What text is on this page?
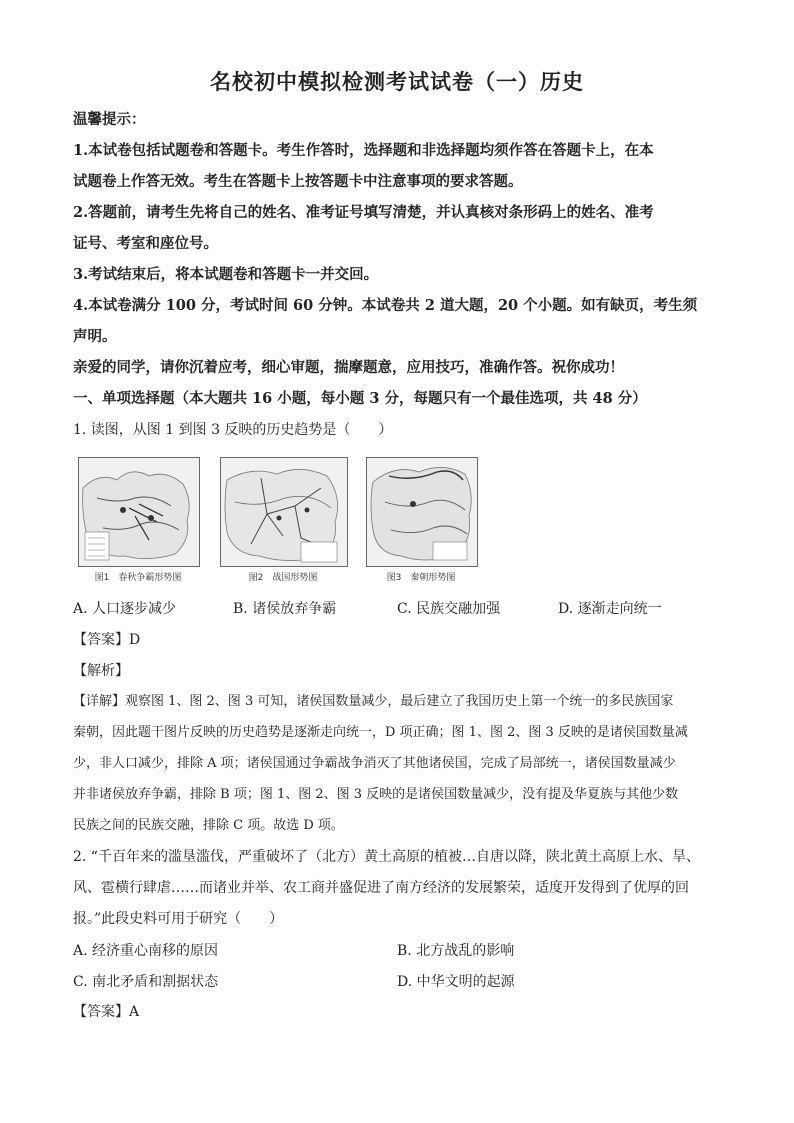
名校初中模拟检测考试试卷（一）历史
温馨提示：
1.本试卷包括试题卷和答题卡。考生作答时，选择题和非选择题均须作答在答题卡上，在本
试题卷上作答无效。考生在答题卡上按答题卡中注意事项的要求答题。
2.答题前，请考生先将自己的姓名、准考证号填写清楚，并认真核对条形码上的姓名、准考
证号、考室和座位号。
3.考试结束后，将本试题卷和答题卡一并交回。
4.本试卷满分 100 分，考试时间 60 分钟。本试卷共 2 道大题，20 个小题。如有缺页，考生须
声明。
亲爱的同学，请你沉着应考，细心审题，揣摩题意，应用技巧，准确作答。祝你成功！
一、单项选择题（本大题共 16 小题，每小题 3 分，每题只有一个最佳选项，共 48 分）
1. 读图，从图 1 到图 3 反映的历史趋势是（　　）
图1　春秋争霸形势图	图2　战国形势图	图3　秦朝形势图
A. 人口逐步减少	B. 诸侯放弃争霸	C. 民族交融加强	D. 逐渐走向统一
【答案】D
【解析】
【详解】观察图 1、图 2、图 3 可知，诸侯国数量减少，最后建立了我国历史上第一个统一的多民族国家
秦朝，因此题干图片反映的历史趋势是逐渐走向统一，D 项正确；图 1、图 2、图 3 反映的是诸侯国数量减
少，非人口减少，排除 A 项；诸侯国通过争霸战争消灭了其他诸侯国，完成了局部统一，诸侯国数量减少
并非诸侯放弃争霸，排除 B 项；图 1、图 2、图 3 反映的是诸侯国数量减少，没有提及华夏族与其他少数
民族之间的民族交融，排除 C 项。故选 D 项。
2. “千百年来的滥垦滥伐，严重破坏了（北方）黄土高原的植被…自唐以降，陕北黄土高原上水、旱、
风、雹横行肆虐……而诸业并举、农工商并盛促进了南方经济的发展繁荣，适度开发得到了优厚的回
报。”此段史料可用于研究（　　）
A. 经济重心南移的原因	B. 北方战乱的影响
C. 南北矛盾和割据状态	D. 中华文明的起源
【答案】A
